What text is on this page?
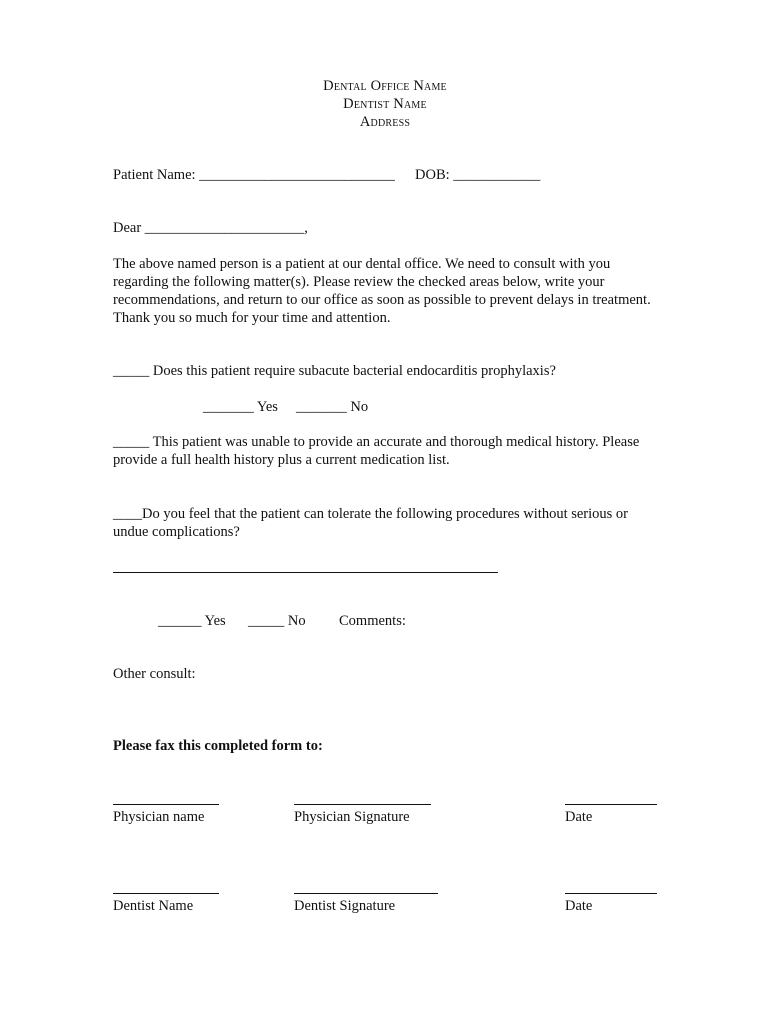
Dental Office Name
Dentist Name
Address
Patient Name: ___________________________ DOB: ____________
Dear ______________________,
The above named person is a patient at our dental office. We need to consult with you regarding the following matter(s). Please review the checked areas below, write your recommendations, and return to our office as soon as possible to prevent delays in treatment. Thank you so much for your time and attention.
_____ Does this patient require subacute bacterial endocarditis prophylaxis?
_______ Yes _______ No
_____ This patient was unable to provide an accurate and thorough medical history. Please provide a full health history plus a current medication list.
____Do you feel that the patient can tolerate the following procedures without serious or undue complications?
______ Yes _____ No Comments:
Other consult:
Please fax this completed form to:
Physician name	Physician Signature	Date
Dentist Name	Dentist Signature	Date
